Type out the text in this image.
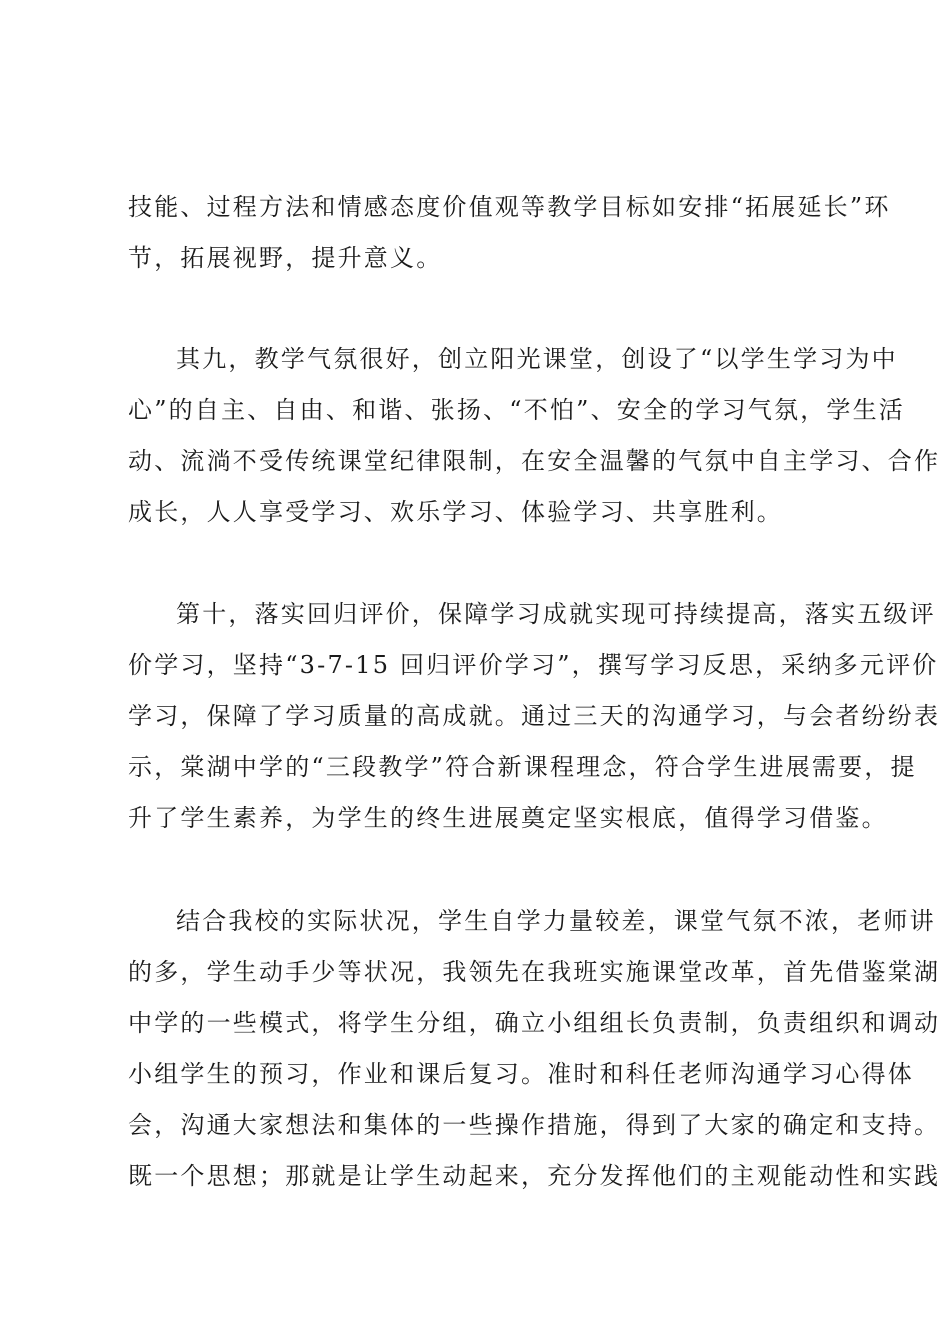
技能、过程方法和情感态度价值观等教学目标如安排“拓展延长”环
节，拓展视野，提升意义。
其九，教学气氛很好，创立阳光课堂，创设了“以学生学习为中
心”的自主、自由、和谐、张扬、“不怕”、安全的学习气氛，学生活
动、流淌不受传统课堂纪律限制，在安全温馨的气氛中自主学习、合作
成长，人人享受学习、欢乐学习、体验学习、共享胜利。
第十，落实回归评价，保障学习成就实现可持续提高，落实五级评
价学习，坚持“3-7-15 回归评价学习”，撰写学习反思，采纳多元评价
学习，保障了学习质量的高成就。通过三天的沟通学习，与会者纷纷表
示，棠湖中学的“三段教学”符合新课程理念，符合学生进展需要，提
升了学生素养，为学生的终生进展奠定坚实根底，值得学习借鉴。
结合我校的实际状况，学生自学力量较差，课堂气氛不浓，老师讲
的多，学生动手少等状况，我领先在我班实施课堂改革，首先借鉴棠湖
中学的一些模式，将学生分组，确立小组组长负责制，负责组织和调动
小组学生的预习，作业和课后复习。准时和科任老师沟通学习心得体
会，沟通大家想法和集体的一些操作措施，得到了大家的确定和支持。
既一个思想；那就是让学生动起来，充分发挥他们的主观能动性和实践
